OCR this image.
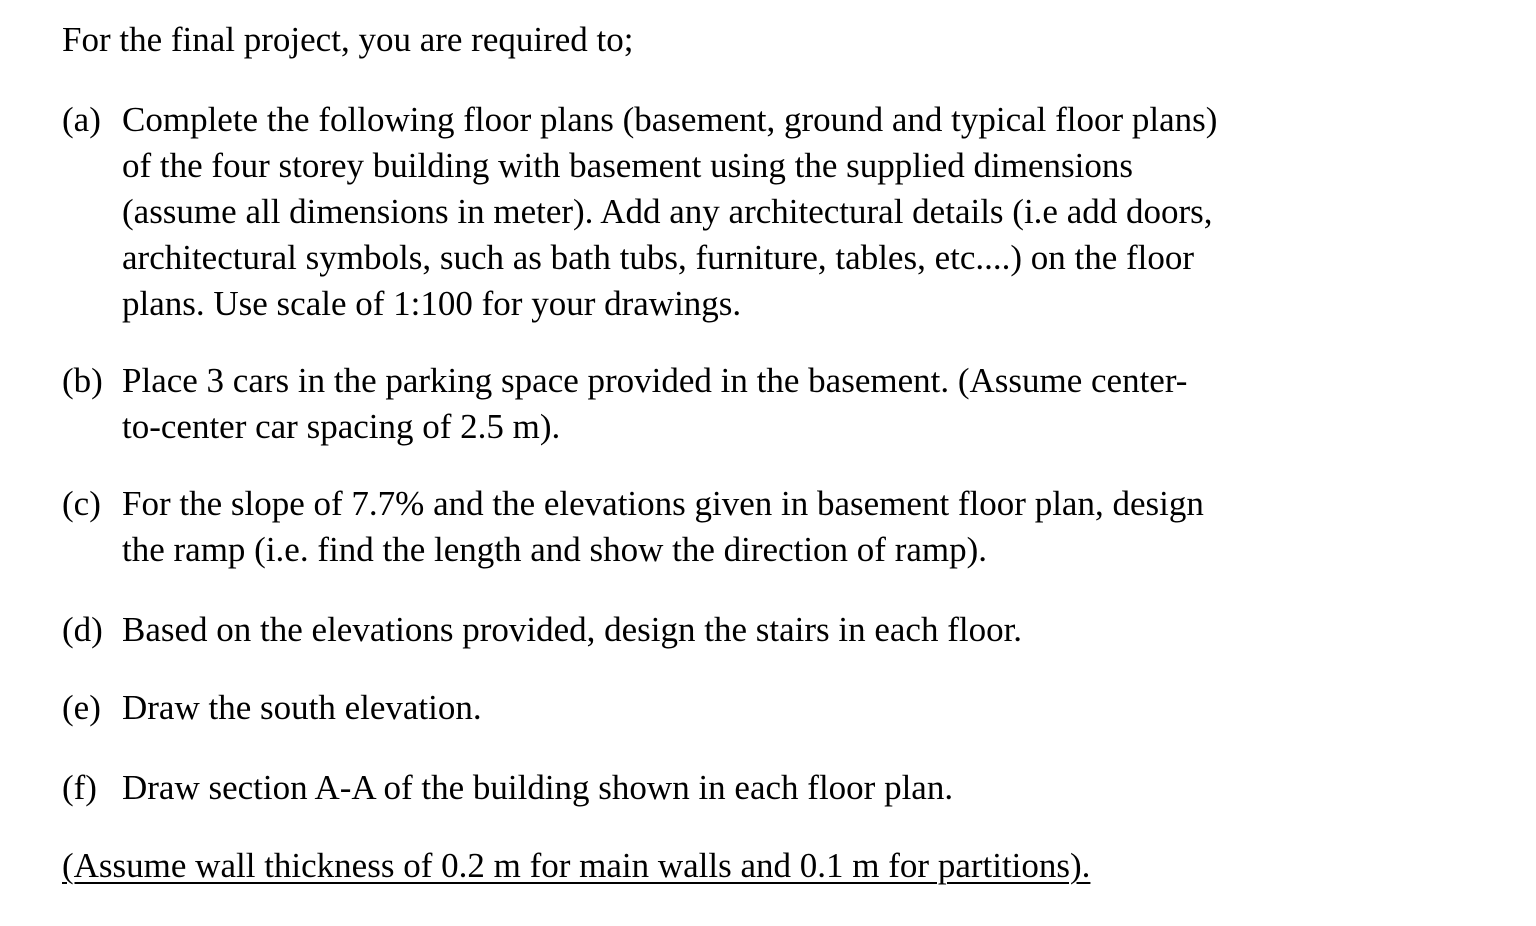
For the final project, you are required to;
(a) Complete the following floor plans (basement, ground and typical floor plans)
of the four storey building with basement using the supplied dimensions
(assume all dimensions in meter). Add any architectural details (i.e add doors,
architectural symbols, such as bath tubs, furniture, tables, etc....) on the floor
plans. Use scale of 1:100 for your drawings.
(b) Place 3 cars in the parking space provided in the basement. (Assume center-
to-center car spacing of 2.5 m).
(c) For the slope of 7.7% and the elevations given in basement floor plan, design
the ramp (i.e. find the length and show the direction of ramp).
(d) Based on the elevations provided, design the stairs in each floor.
(e) Draw the south elevation.
(f) Draw section A-A of the building shown in each floor plan.
(Assume wall thickness of 0.2 m for main walls and 0.1 m for partitions).
